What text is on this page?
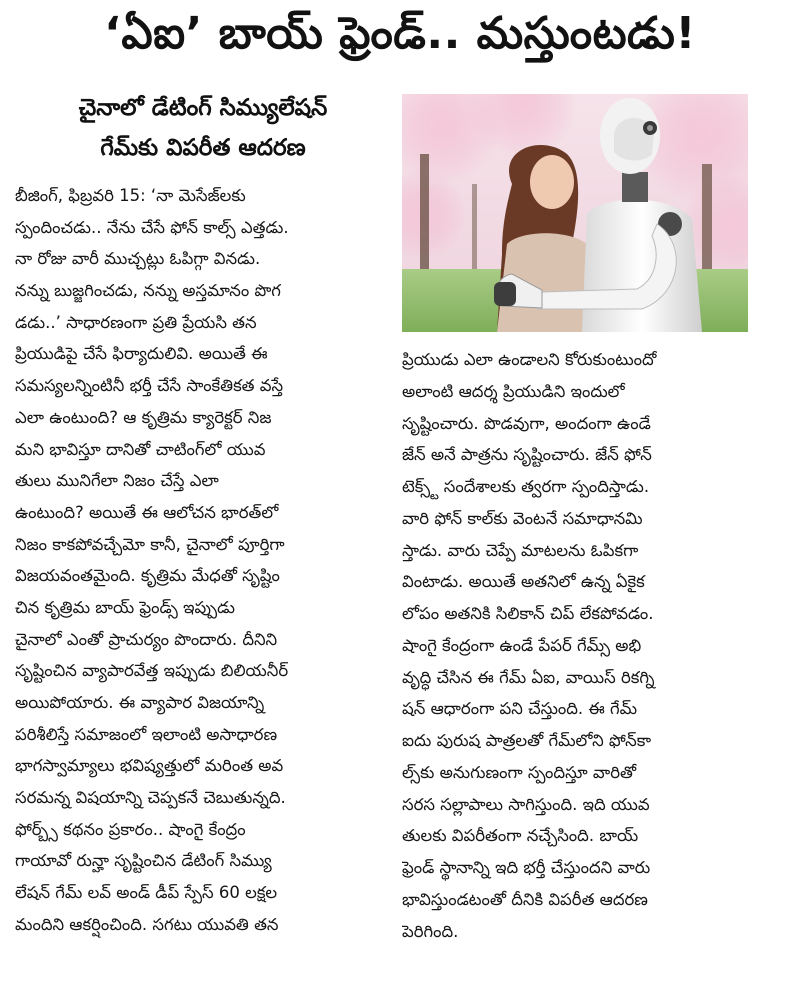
‘ఏఐ’ బాయ్ ఫ్రెండ్.. మస్తుంటడు!
చైనాలో డేటింగ్ సిమ్యులేషన్
గేమ్‌కు విపరీత ఆదరణ
బీజింగ్, ఫిబ్రవరి 15: ‘నా మెసేజ్‌లకు
స్పందించడు.. నేను చేసే ఫోన్ కాల్స్ ఎత్తడు.
నా రోజు వారీ ముచ్చట్లు ఓపిగ్గా వినడు.
నన్ను బుజ్జగించడు, నన్ను అస్తమానం పొగ
డడు..’ సాధారణంగా ప్రతి ప్రేయసి తన
ప్రియుడిపై చేసే ఫిర్యాదులివి. అయితే ఈ
సమస్యలన్నింటినీ భర్తీ చేసే సాంకేతికత వస్తే
ఎలా ఉంటుంది? ఆ కృత్రిమ క్యారెక్టర్ నిజ
మని భావిస్తూ దానితో చాటింగ్‌లో యువ
తులు మునిగేలా నిజం చేస్తే ఎలా
ఉంటుంది? అయితే ఈ ఆలోచన భారత్‌లో
నిజం కాకపోవచ్చేమో కానీ, చైనాలో పూర్తిగా
విజయవంతమైంది. కృత్రిమ మేధతో సృష్టిం
చిన కృత్రిమ బాయ్ ఫ్రెండ్స్ ఇప్పుడు
చైనాలో ఎంతో ప్రాచుర్యం పొందారు. దీనిని
సృష్టించిన వ్యాపారవేత్త ఇప్పుడు బిలియనీర్
అయిపోయారు. ఈ వ్యాపార విజయాన్ని
పరిశీలిస్తే సమాజంలో ఇలాంటి అసాధారణ
భాగస్వామ్యాలు భవిష్యత్తులో మరింత అవ
సరమన్న విషయాన్ని చెప్పకనే చెబుతున్నది.
ఫోర్బ్స్ కథనం ప్రకారం.. షాంగై కేంద్రం
గాయావో రున్హా సృష్టించిన డేటింగ్ సిమ్యు
లేషన్ గేమ్ లవ్ అండ్ డీప్ స్పేస్ 60 లక్షల
మందిని ఆకర్షించింది. సగటు యువతి తన
ప్రియుడు ఎలా ఉండాలని కోరుకుంటుందో
అలాంటి ఆదర్శ ప్రియుడిని ఇందులో
సృష్టించారు. పొడవుగా, అందంగా ఉండే
జేన్ అనే పాత్రను సృష్టించారు. జేన్ ఫోన్
టెక్స్ట్ సందేశాలకు త్వరగా స్పందిస్తాడు.
వారి ఫోన్ కాల్‌కు వెంటనే సమాధానమి
స్తాడు. వారు చెప్పే మాటలను ఓపికగా
వింటాడు. అయితే అతనిలో ఉన్న ఏకైక
లోపం అతనికి సిలికాన్ చిప్ లేకపోవడం.
షాంగై కేంద్రంగా ఉండే పేపర్ గేమ్స్ అభి
వృద్ధి చేసిన ఈ గేమ్ ఏఐ, వాయిస్ రికగ్ని
షన్ ఆధారంగా పని చేస్తుంది. ఈ గేమ్
ఐదు పురుష పాత్రలతో గేమ్‌లోని ఫోన్‌కా
ల్స్‌కు అనుగుణంగా స్పందిస్తూ వారితో
సరస సల్లాపాలు సాగిస్తుంది. ఇది యువ
తులకు విపరీతంగా నచ్చేసింది. బాయ్
ఫ్రెండ్ స్థానాన్ని ఇది భర్తీ చేస్తుందని వారు
భావిస్తుండటంతో దీనికి విపరీత ఆదరణ
పెరిగింది.
